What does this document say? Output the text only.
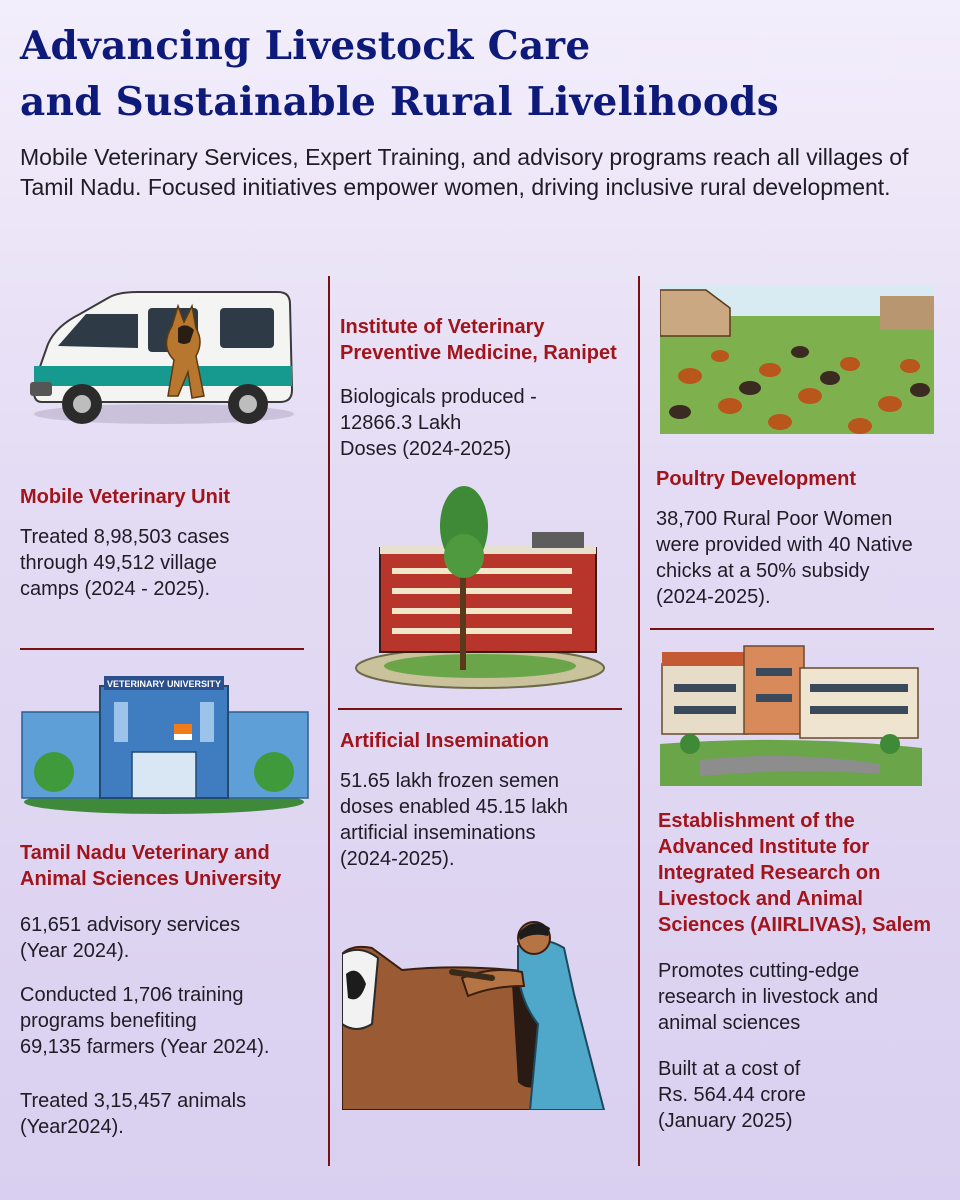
Advancing Livestock Care
and Sustainable Rural Livelihoods

Mobile Veterinary Services, Expert Training, and advisory programs reach all villages of Tamil Nadu. Focused initiatives empower women, driving inclusive rural development.

Mobile Veterinary Unit
Treated 8,98,503 cases
through 49,512 village
camps (2024 - 2025).
VETERINARY UNIVERSITY
Tamil Nadu Veterinary and
Animal Sciences University
61,651 advisory services
(Year 2024).
Conducted 1,706 training
programs benefiting
69,135 farmers (Year 2024).
Treated 3,15,457 animals
(Year2024).
Institute of Veterinary
Preventive Medicine, Ranipet
Biologicals produced -
12866.3 Lakh
Doses (2024-2025)
Artificial Insemination
51.65 lakh frozen semen
doses enabled 45.15 lakh
artificial inseminations
(2024-2025).
Poultry Development
38,700 Rural Poor Women
were provided with 40 Native
chicks at a 50% subsidy
(2024-2025).
Establishment of the
Advanced Institute for
Integrated Research on
Livestock and Animal
Sciences (AIIRLIVAS), Salem
Promotes cutting-edge
research in livestock and
animal sciences
Built at a cost of
Rs. 564.44 crore
(January 2025)
